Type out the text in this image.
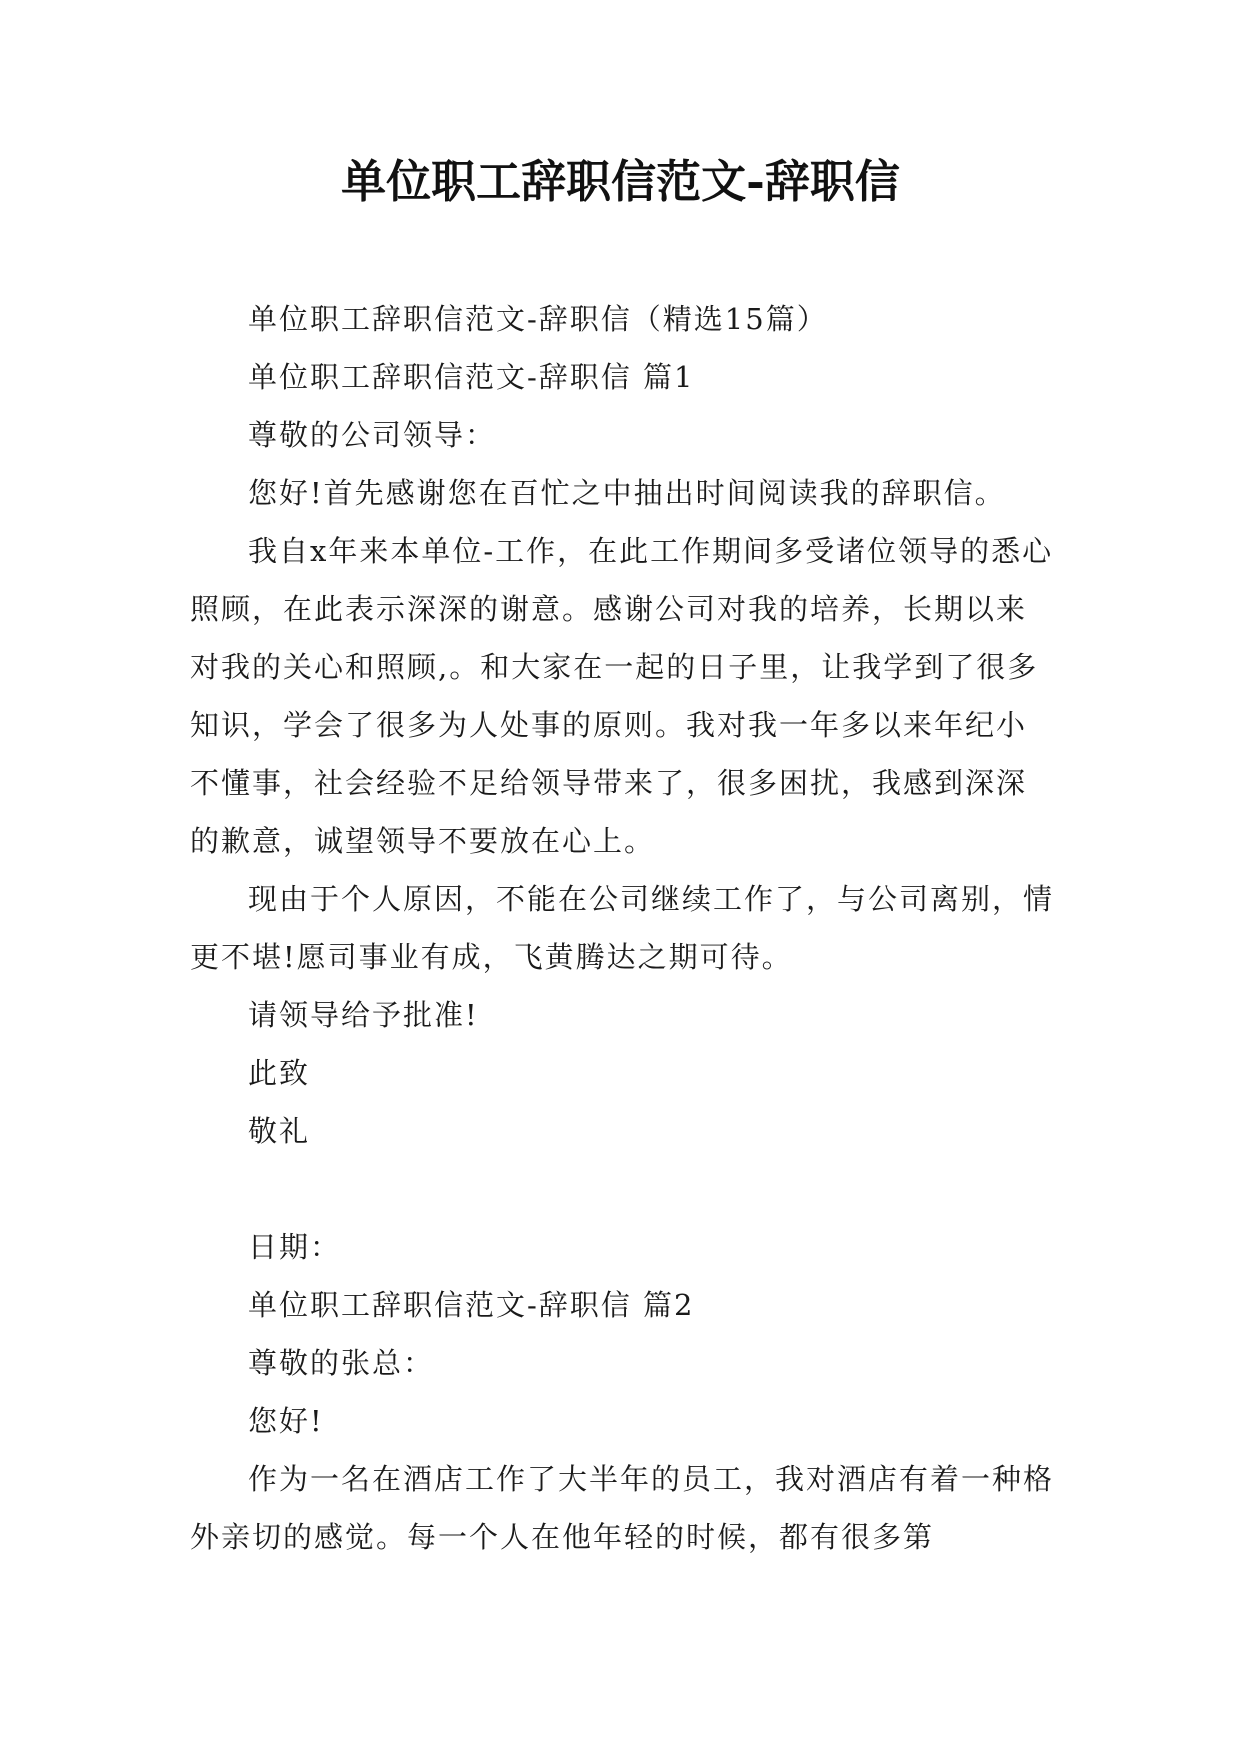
单位职工辞职信范文-辞职信

单位职工辞职信范文-辞职信（精选15篇）

单位职工辞职信范文-辞职信 篇1

尊敬的公司领导：

您好!首先感谢您在百忙之中抽出时间阅读我的辞职信。

我自x年来本单位-工作，在此工作期间多受诸位领导的悉心照顾，在此表示深深的谢意。感谢公司对我的培养，长期以来对我的关心和照顾,。和大家在一起的日子里，让我学到了很多知识，学会了很多为人处事的原则。我对我一年多以来年纪小不懂事，社会经验不足给领导带来了，很多困扰，我感到深深的歉意，诚望领导不要放在心上。

现由于个人原因，不能在公司继续工作了，与公司离别，情更不堪!愿司事业有成，飞黄腾达之期可待。

请领导给予批准!

此致

敬礼

日期：

单位职工辞职信范文-辞职信 篇2

尊敬的张总：

您好!

作为一名在酒店工作了大半年的员工，我对酒店有着一种格外亲切的感觉。每一个人在他年轻的时候，都有很多第
